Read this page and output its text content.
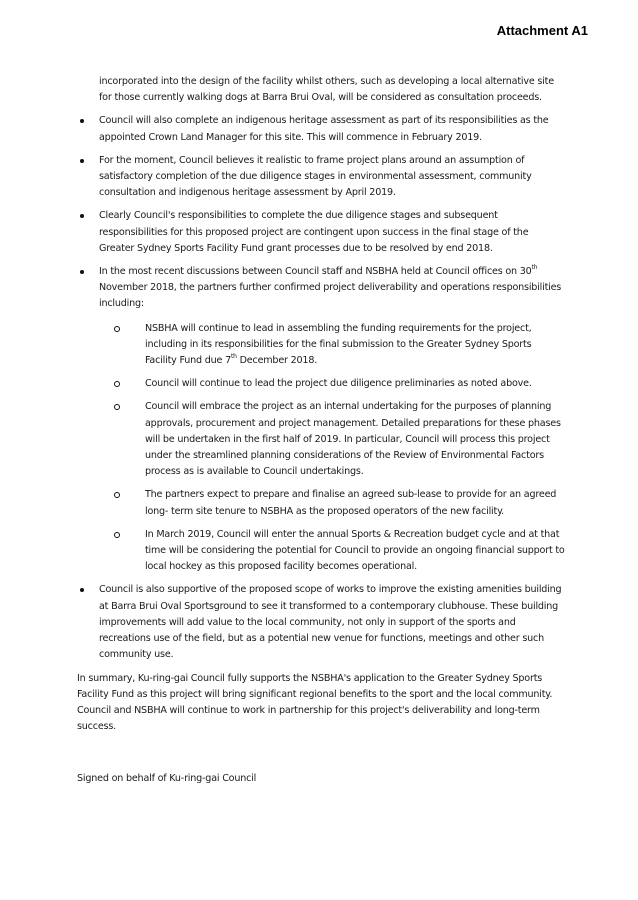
Attachment A1

incorporated into the design of the facility whilst others, such as developing a local alternative site for those currently walking dogs at Barra Brui Oval, will be considered as consultation proceeds.

Council will also complete an indigenous heritage assessment as part of its responsibilities as the appointed Crown Land Manager for this site. This will commence in February 2019.
For the moment, Council believes it realistic to frame project plans around an assumption of satisfactory completion of the due diligence stages in environmental assessment, community consultation and indigenous heritage assessment by April 2019.
Clearly Council's responsibilities to complete the due diligence stages and subsequent responsibilities for this proposed project are contingent upon success in the final stage of the Greater Sydney Sports Facility Fund grant processes due to be resolved by end 2018.
In the most recent discussions between Council staff and NSBHA held at Council offices on 30th November 2018, the partners further confirmed project deliverability and operations responsibilities including:
NSBHA will continue to lead in assembling the funding requirements for the project, including in its responsibilities for the final submission to the Greater Sydney Sports Facility Fund due 7th December 2018.
Council will continue to lead the project due diligence preliminaries as noted above.
Council will embrace the project as an internal undertaking for the purposes of planning approvals, procurement and project management. Detailed preparations for these phases will be undertaken in the first half of 2019. In particular, Council will process this project under the streamlined planning considerations of the Review of Environmental Factors process as is available to Council undertakings.
The partners expect to prepare and finalise an agreed sub-lease to provide for an agreed long- term site tenure to NSBHA as the proposed operators of the new facility.
In March 2019, Council will enter the annual Sports & Recreation budget cycle and at that time will be considering the potential for Council to provide an ongoing financial support to local hockey as this proposed facility becomes operational.
Council is also supportive of the proposed scope of works to improve the existing amenities building at Barra Brui Oval Sportsground to see it transformed to a contemporary clubhouse. These building improvements will add value to the local community, not only in support of the sports and recreations use of the field, but as a potential new venue for functions, meetings and other such community use.

In summary, Ku-ring-gai Council fully supports the NSBHA's application to the Greater Sydney Sports Facility Fund as this project will bring significant regional benefits to the sport and the local community. Council and NSBHA will continue to work in partnership for this project's deliverability and long-term success.

Signed on behalf of Ku-ring-gai Council
